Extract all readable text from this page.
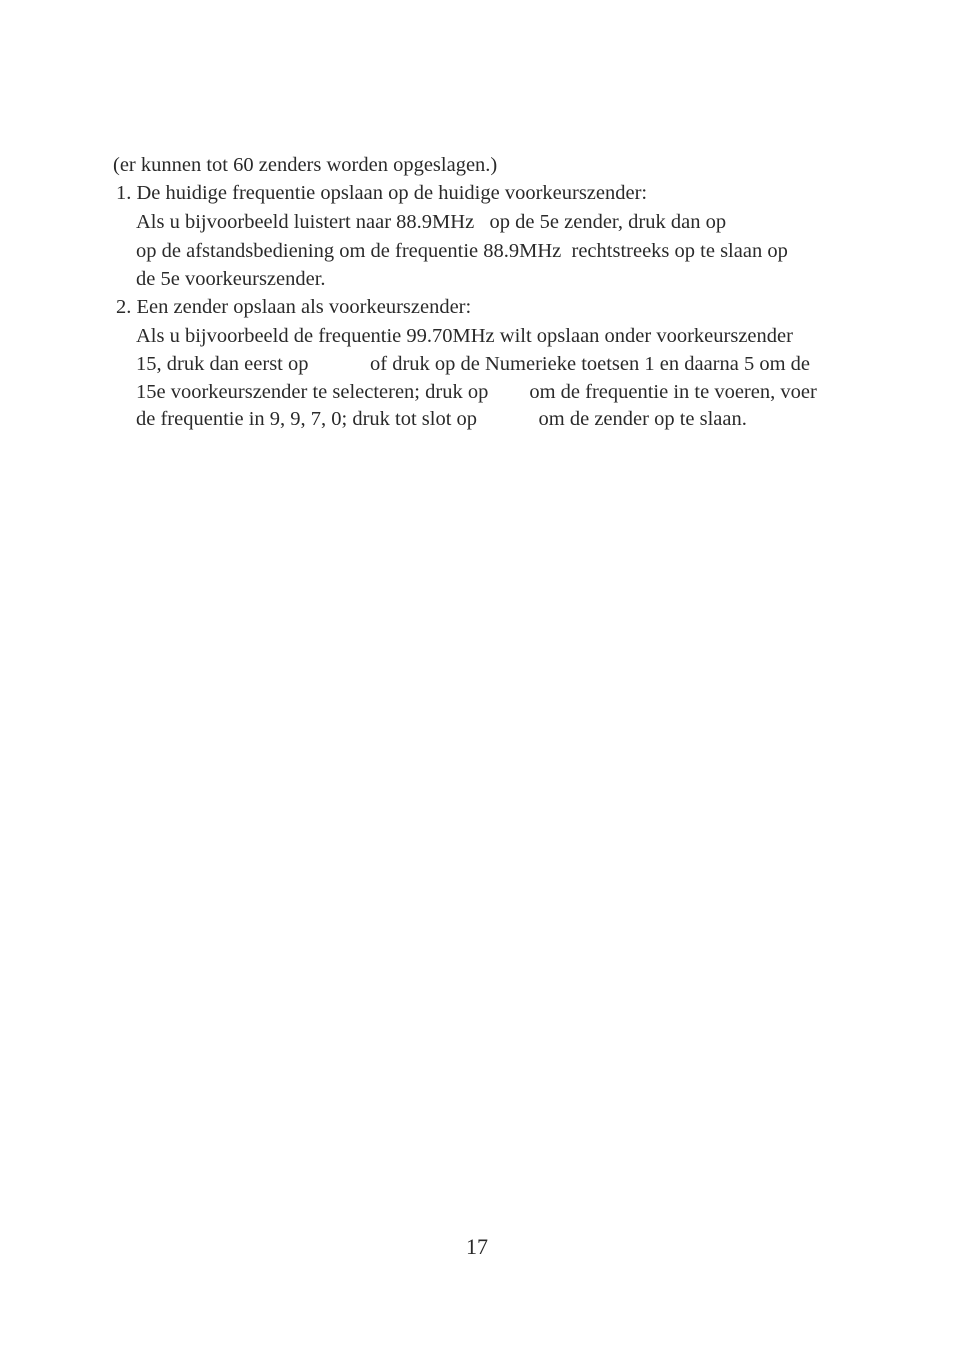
(er kunnen tot 60 zenders worden opgeslagen.)
1. De huidige frequentie opslaan op de huidige voorkeurszender:
Als u bijvoorbeeld luistert naar 88.9MHz   op de 5e zender, druk dan op
op de afstandsbediening om de frequentie 88.9MHz  rechtstreeks op te slaan op
de 5e voorkeurszender.
2. Een zender opslaan als voorkeurszender:
Als u bijvoorbeeld de frequentie 99.70MHz wilt opslaan onder voorkeurszender
15, druk dan eerst op            of druk op de Numerieke toetsen 1 en daarna 5 om de
15e voorkeurszender te selecteren; druk op        om de frequentie in te voeren, voer
de frequentie in 9, 9, 7, 0; druk tot slot op            om de zender op te slaan.
17
